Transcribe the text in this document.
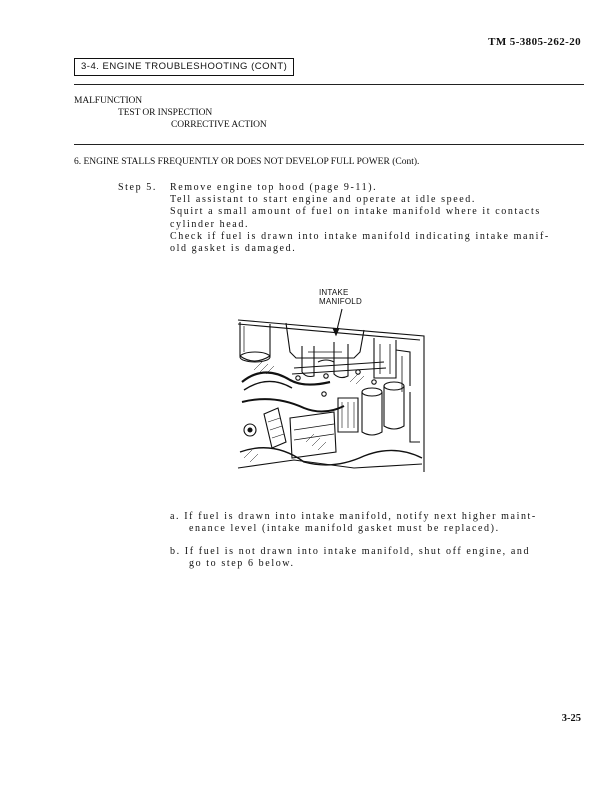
TM 5-3805-262-20
3-4. ENGINE TROUBLESHOOTING (CONT)
MALFUNCTION
TEST OR INSPECTION
CORRECTIVE ACTION
6. ENGINE STALLS FREQUENTLY OR DOES NOT DEVELOP FULL POWER (Cont).
Step 5. Remove engine top hood (page 9-11).
Tell assistant to start engine and operate at idle speed.
Squirt a small amount of fuel on intake manifold where it contacts
cylinder head.
Check if fuel is drawn into intake manifold indicating intake manif-
old gasket is damaged.
INTAKE
MANIFOLD
a. If fuel is drawn into intake manifold, notify next higher maint-
enance level (intake manifold gasket must be replaced).
b. If fuel is not drawn into intake manifold, shut off engine, and
go to step 6 below.
3-25
